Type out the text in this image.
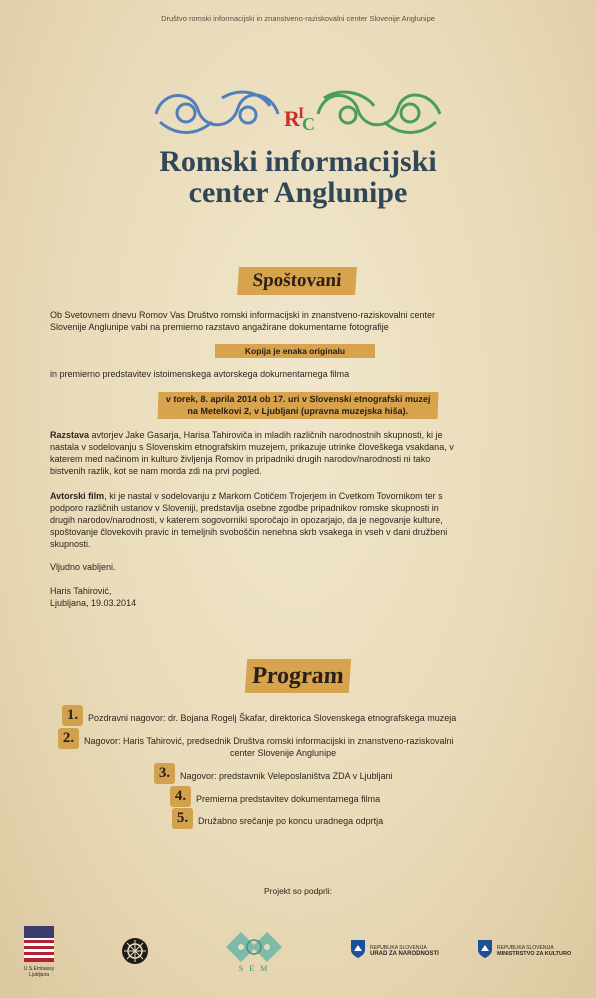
Društvo romski informacijski in znanstveno-raziskovalni center Slovenije Anglunipe
R
I
C
Romski informacijski
center Anglunipe
Spoštovani
Ob Svetovnem dnevu Romov Vas Društvo romski informacijski in znanstveno-raziskovalni center
Slovenije Anglunipe vabi na premierno razstavo angažirane dokumentarne fotografije
Kopija je enaka originalu
in premierno predstavitev istoimenskega avtorskega dokumentarnega filma
v torek, 8. aprila 2014 ob 17. uri v Slovenski etnografski muzej
na Metelkovi 2, v Ljubljani (upravna muzejska hiša).
Razstava avtorjev Jake Gasarja, Harisa Tahiroviča in mladih različnih narodnostnih skupnosti, ki je
nastala v sodelovanju s Slovenskim etnografskim muzejem, prikazuje utrinke človeškega vsakdana, v
katerem med načinom in kulturo življenja Romov in pripadniki drugih narodov/narodnosti ni tako
bistvenih razlik, kot se nam morda zdi na prvi pogled.
Avtorski film, ki je nastal v sodelovanju z Markom Cotičem Trojerjem in Cvetkom Tovornikom ter s
podporo različnih ustanov v Sloveniji, predstavlja osebne zgodbe pripadnikov romske skupnosti in
drugih narodov/narodnosti, v katerem sogovorniki sporočajo in opozarjajo, da je negovanje kulture,
spoštovanje človekovih pravic in temeljnih svoboščin nenehna skrb vsakega in vseh v dani družbeni
skupnosti.
Vljudno vabljeni.
Haris Tahirović,
Ljubljana, 19.03.2014
Program
1.	Pozdravni nagovor: dr. Bojana Rogelj Škafar, direktorica Slovenskega etnografskega muzeja
2.	Nagovor: Haris Tahirović, predsednik Društva romski informacijski in znanstveno-raziskovalni
center Slovenije Anglunipe
3.	Nagovor: predstavnik Veleposlaništva ZDA v Ljubljani
4.	Premierna predstavitev dokumentarnega filma
5.	Družabno srečanje po koncu uradnega odprtja
Projekt so podprli:
U.S.Embassy
Ljubljana
S E M
REPUBLIKA SLOVENIJA
URAD ZA NARODNOSTI
REPUBLIKA SLOVENIJA
MINISTRSTVO ZA KULTURO
